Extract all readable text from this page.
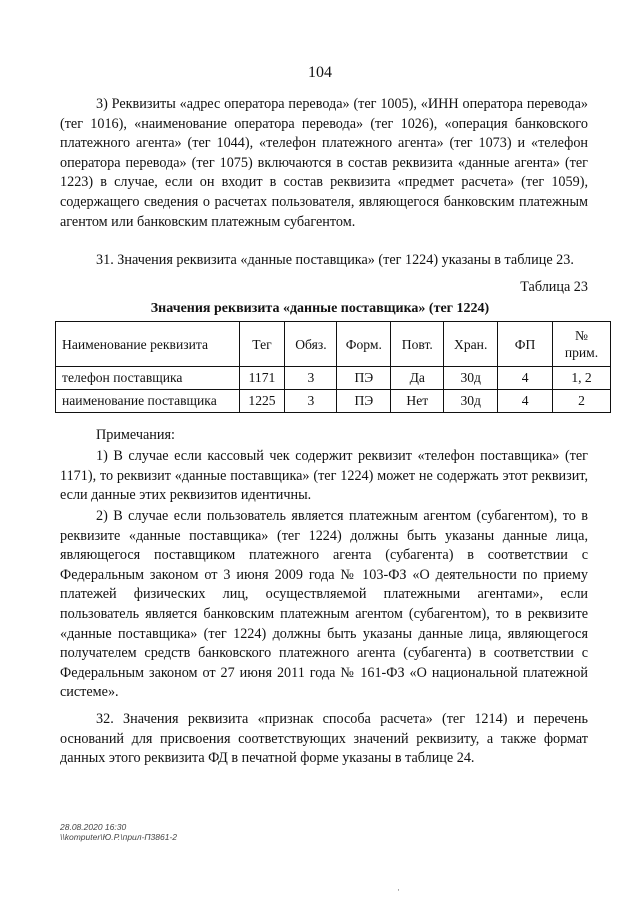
104

3) Реквизиты «адрес оператора перевода» (тег 1005), «ИНН оператора перевода» (тег 1016), «наименование оператора перевода» (тег 1026), «операция банковского платежного агента» (тег 1044), «телефон платежного агента» (тег 1073) и «телефон оператора перевода» (тег 1075) включаются в состав реквизита «данные агента» (тег 1223) в случае, если он входит в состав реквизита «предмет расчета» (тег 1059), содержащего сведения о расчетах пользователя, являющегося банковским платежным агентом или банковским платежным субагентом.

31. Значения реквизита «данные поставщика» (тег 1224) указаны в таблице 23.

Таблица 23
Значения реквизита «данные поставщика» (тег 1224)
Наименование реквизита	Тег	Обяз.	Форм.	Повт.	Хран.	ФП	№ прим.
телефон поставщика	1171	3	ПЭ	Да	30д	4	1, 2
наименование поставщика	1225	3	ПЭ	Нет	30д	4	2
Примечания:

1) В случае если кассовый чек содержит реквизит «телефон поставщика» (тег 1171), то реквизит «данные поставщика» (тег 1224) может не содержать этот реквизит, если данные этих реквизитов идентичны.

2) В случае если пользователь является платежным агентом (субагентом), то в реквизите «данные поставщика» (тег 1224) должны быть указаны данные лица, являющегося поставщиком платежного агента (субагента) в соответствии с Федеральным законом от 3 июня 2009 года № 103-ФЗ «О деятельности по приему платежей физических лиц, осуществляемой платежными агентами», если пользователь является банковским платежным агентом (субагентом), то в реквизите «данные поставщика» (тег 1224) должны быть указаны данные лица, являющегося получателем средств банковского платежного агента (субагента) в соответствии с Федеральным законом от 27 июня 2011 года № 161-ФЗ «О национальной платежной системе».

32. Значения реквизита «признак способа расчета» (тег 1214) и перечень оснований для присвоения соответствующих значений реквизиту, а также формат данных этого реквизита ФД в печатной форме указаны в таблице 24.

28.08.2020 16:30
\\komputer\Ю.Р.\прил-П3861-2
·
